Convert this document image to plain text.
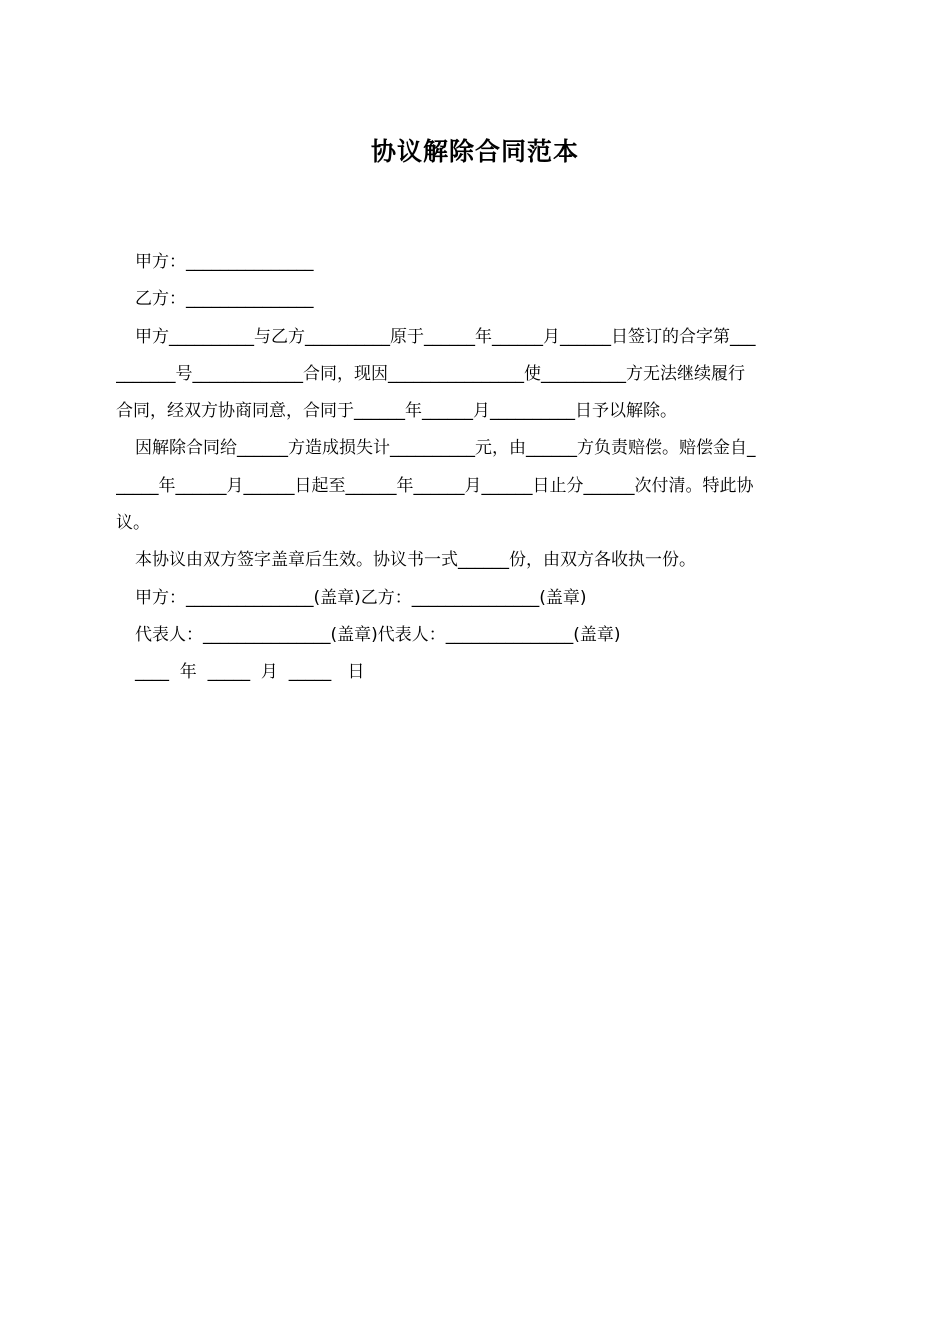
协议解除合同范本
甲方：_______________
乙方：_______________
甲方__________与乙方__________原于______年______月______日签订的合字第___
_______号_____________合同，现因________________使__________方无法继续履行
合同，经双方协商同意，合同于______年______月__________日予以解除。
因解除合同给______方造成损失计__________元，由______方负责赔偿。赔偿金自_
_____年______月______日起至______年______月______日止分______次付清。特此协
议。
本协议由双方签字盖章后生效。协议书一式______份，由双方各收执一份。
甲方：_______________(盖章)乙方：_______________(盖章)
代表人：_______________(盖章)代表人：_______________(盖章)
____  年  _____  月  _____   日
